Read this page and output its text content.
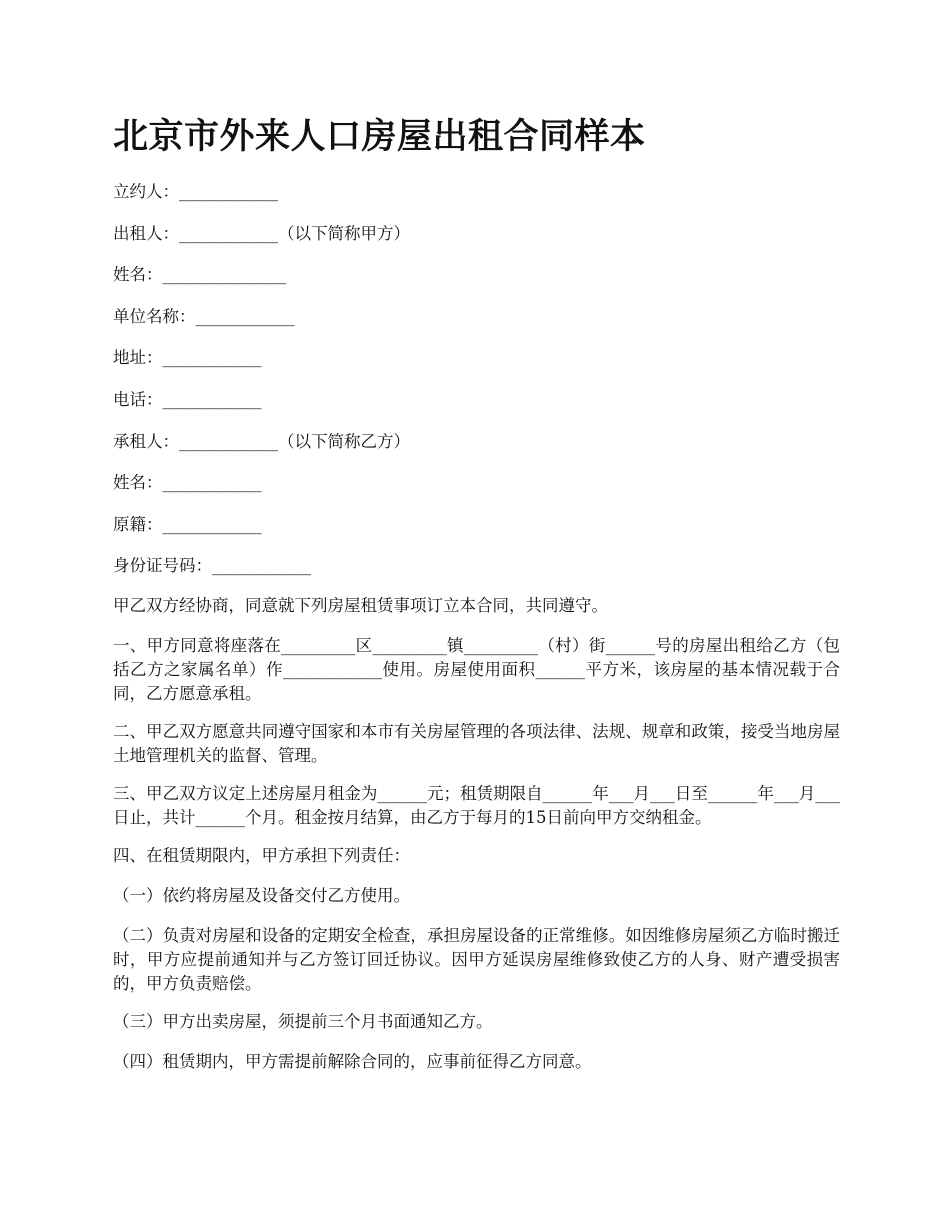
北京市外来人口房屋出租合同样本
立约人：____________
出租人：____________（以下简称甲方）
姓名：_______________
单位名称：____________
地址：____________
电话：____________
承租人：____________（以下简称乙方）
姓名：____________
原籍：____________
身份证号码：____________

甲乙双方经协商，同意就下列房屋租赁事项订立本合同，共同遵守。

一、甲方同意将座落在_________区_________镇_________（村）街______号的房屋出租给乙方（包括乙方之家属名单）作____________使用。房屋使用面积______平方米，该房屋的基本情况载于合同，乙方愿意承租。

二、甲乙双方愿意共同遵守国家和本市有关房屋管理的各项法律、法规、规章和政策，接受当地房屋土地管理机关的监督、管理。

三、甲乙双方议定上述房屋月租金为______元；租赁期限自______年___月___日至______年___月___日止，共计______个月。租金按月结算，由乙方于每月的15日前向甲方交纳租金。

四、在租赁期限内，甲方承担下列责任：

（一）依约将房屋及设备交付乙方使用。

（二）负责对房屋和设备的定期安全检查，承担房屋设备的正常维修。如因维修房屋须乙方临时搬迁时，甲方应提前通知并与乙方签订回迁协议。因甲方延误房屋维修致使乙方的人身、财产遭受损害的，甲方负责赔偿。

（三）甲方出卖房屋，须提前三个月书面通知乙方。

（四）租赁期内，甲方需提前解除合同的，应事前征得乙方同意。
